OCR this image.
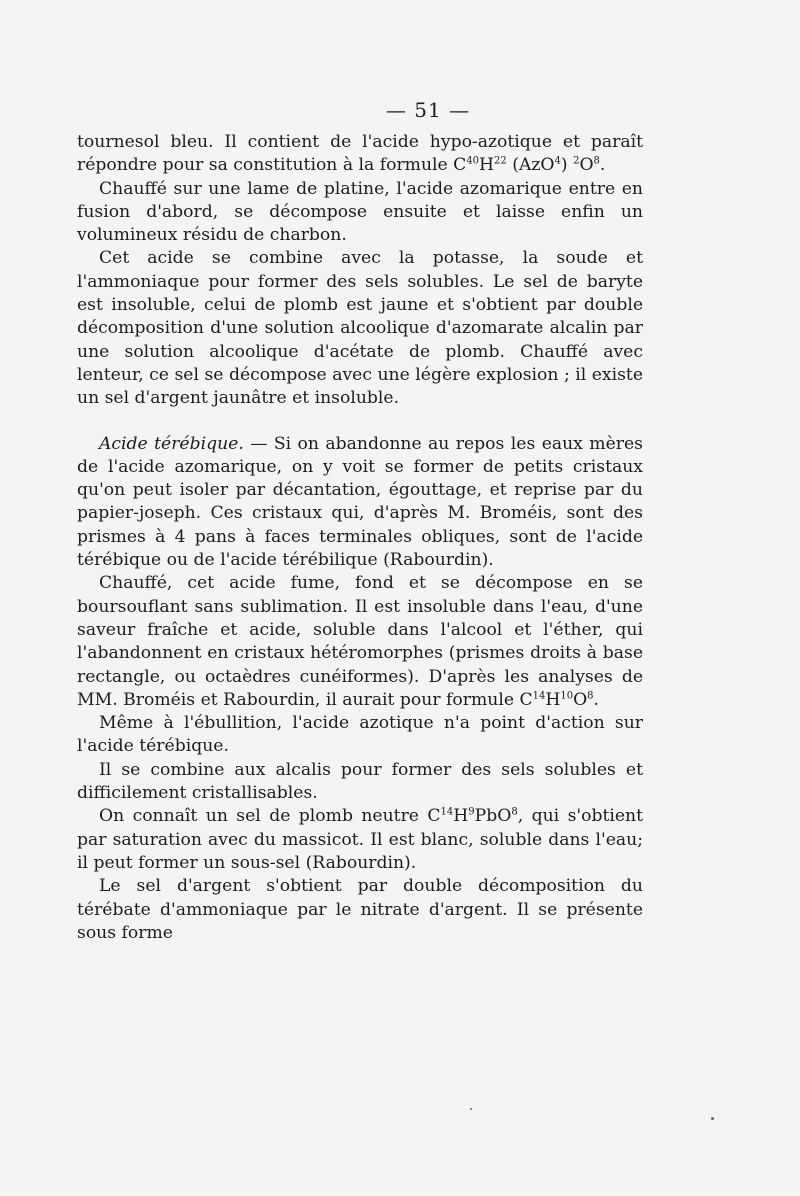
— 51 —

tournesol bleu. Il contient de l'acide hypo-azotique et paraît répondre pour sa constitution à la formule $C^{40}H^{22}$ (AzO$^4$) $^2O^8$.

Chauffé sur une lame de platine, l'acide azomarique entre en fusion d'abord, se décompose ensuite et laisse enfin un volumineux résidu de charbon.

Cet acide se combine avec la potasse, la soude et l'ammoniaque pour former des sels solubles. Le sel de baryte est insoluble, celui de plomb est jaune et s'obtient par double décomposition d'une solution alcoolique d'azomarate alcalin par une solution alcoolique d'acétate de plomb. Chauffé avec lenteur, ce sel se décompose avec une légère explosion ; il existe un sel d'argent jaunâtre et insoluble.

Acide térébique. — Si on abandonne au repos les eaux mères de l'acide azomarique, on y voit se former de petits cristaux qu'on peut isoler par décantation, égouttage, et reprise par du papier-joseph. Ces cristaux qui, d'après M. Broméis, sont des prismes à 4 pans à faces terminales obliques, sont de l'acide térébique ou de l'acide térébilique (Rabourdin).

Chauffé, cet acide fume, fond et se décompose en se boursouflant sans sublimation. Il est insoluble dans l'eau, d'une saveur fraîche et acide, soluble dans l'alcool et l'éther, qui l'abandonnent en cristaux hétéromorphes (prismes droits à base rectangle, ou octaèdres cunéiformes). D'après les analyses de MM. Broméis et Rabourdin, il aurait pour formule $C^{14}H^{10}O^8$.

Même à l'ébullition, l'acide azotique n'a point d'action sur l'acide térébique.

Il se combine aux alcalis pour former des sels solubles et difficilement cristallisables.

On connaît un sel de plomb neutre $C^{14}H^9PbO^8$, qui s'obtient par saturation avec du massicot. Il est blanc, soluble dans l'eau; il peut former un sous-sel (Rabourdin).

Le sel d'argent s'obtient par double décomposition du térébate d'ammoniaque par le nitrate d'argent. Il se présente sous forme
